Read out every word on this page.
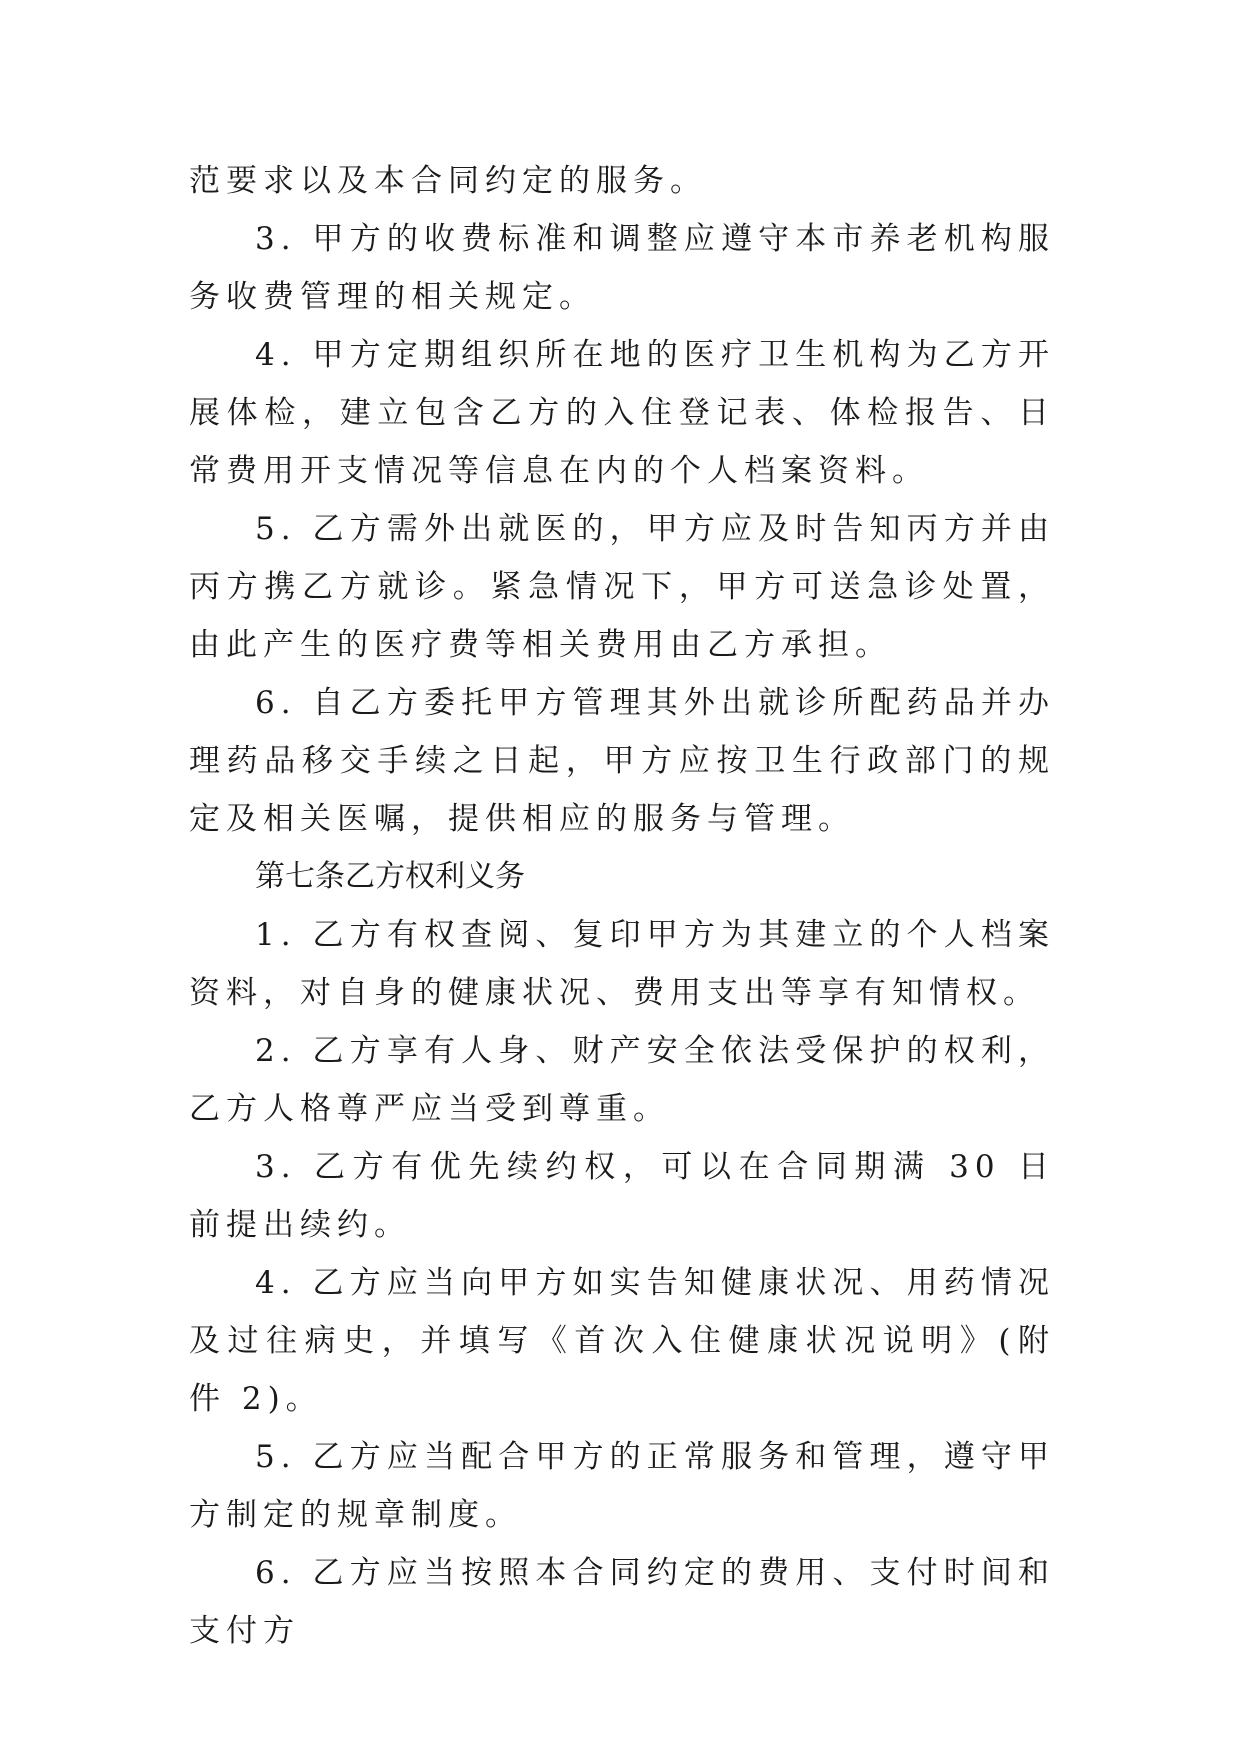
范要求以及本合同约定的服务。

3. 甲方的收费标准和调整应遵守本市养老机构服务收费管理的相关规定。

4. 甲方定期组织所在地的医疗卫生机构为乙方开展体检，建立包含乙方的入住登记表、体检报告、日常费用开支情况等信息在内的个人档案资料。

5. 乙方需外出就医的，甲方应及时告知丙方并由丙方携乙方就诊。紧急情况下，甲方可送急诊处置，由此产生的医疗费等相关费用由乙方承担。

6. 自乙方委托甲方管理其外出就诊所配药品并办理药品移交手续之日起，甲方应按卫生行政部门的规定及相关医嘱，提供相应的服务与管理。

第七条乙方权利义务

1. 乙方有权查阅、复印甲方为其建立的个人档案资料，对自身的健康状况、费用支出等享有知情权。

2. 乙方享有人身、财产安全依法受保护的权利，乙方人格尊严应当受到尊重。

3. 乙方有优先续约权，可以在合同期满 30 日前提出续约。

4. 乙方应当向甲方如实告知健康状况、用药情况及过往病史，并填写《首次入住健康状况说明》(附件 2)。

5. 乙方应当配合甲方的正常服务和管理，遵守甲方制定的规章制度。

6. 乙方应当按照本合同约定的费用、支付时间和支付方
